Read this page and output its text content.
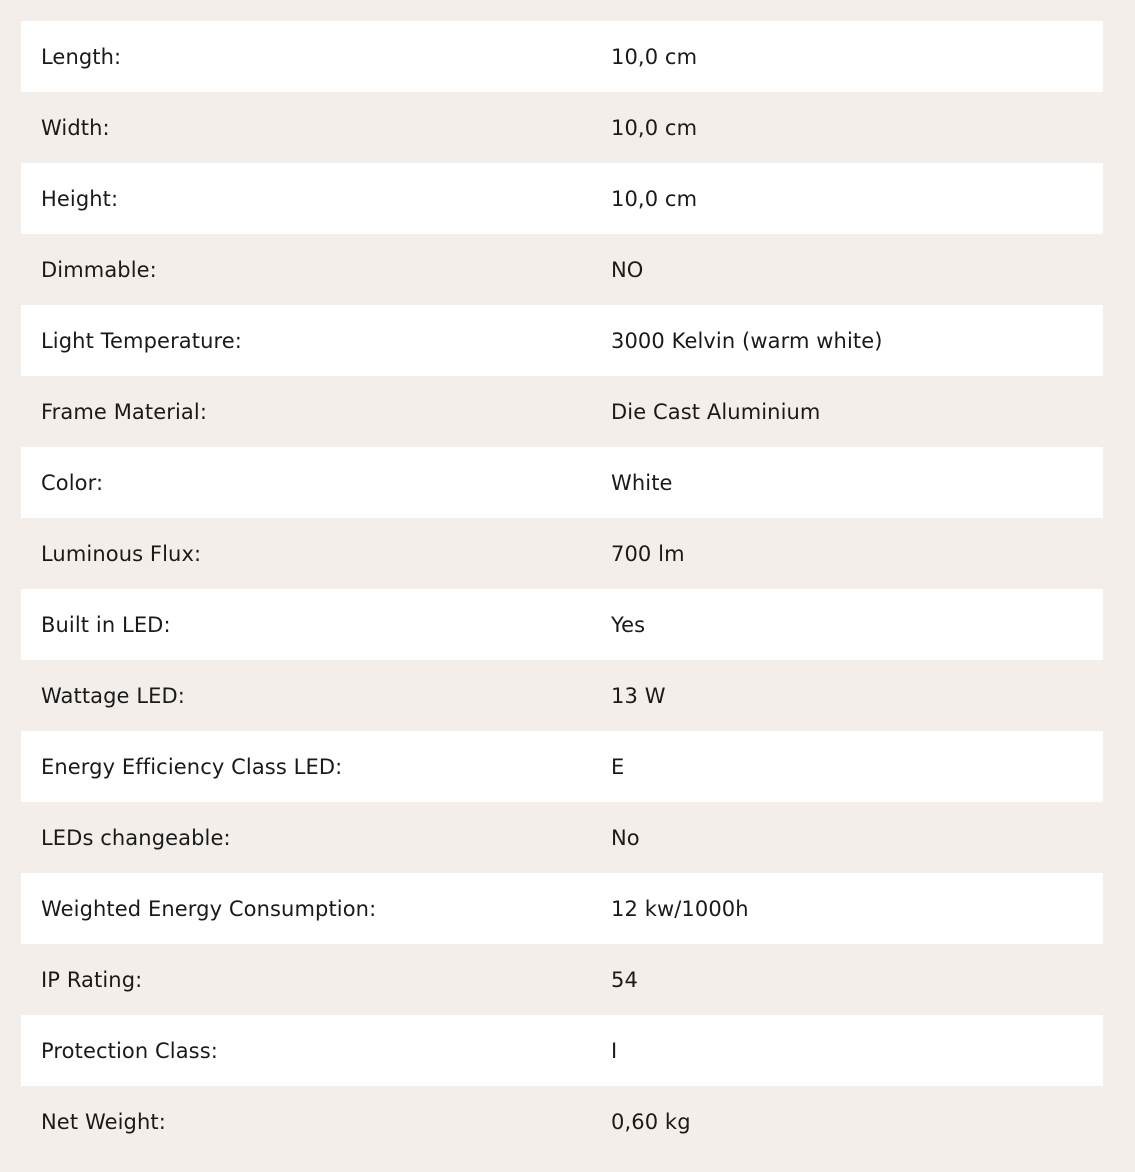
Length:	10,0 cm
Width:	10,0 cm
Height:	10,0 cm
Dimmable:	NO
Light Temperature:	3000 Kelvin (warm white)
Frame Material:	Die Cast Aluminium
Color:	White
Luminous Flux:	700 lm
Built in LED:	Yes
Wattage LED:	13 W
Energy Efficiency Class LED:	E
LEDs changeable:	No
Weighted Energy Consumption:	12 kw/1000h
IP Rating:	54
Protection Class:	I
Net Weight:	0,60 kg
